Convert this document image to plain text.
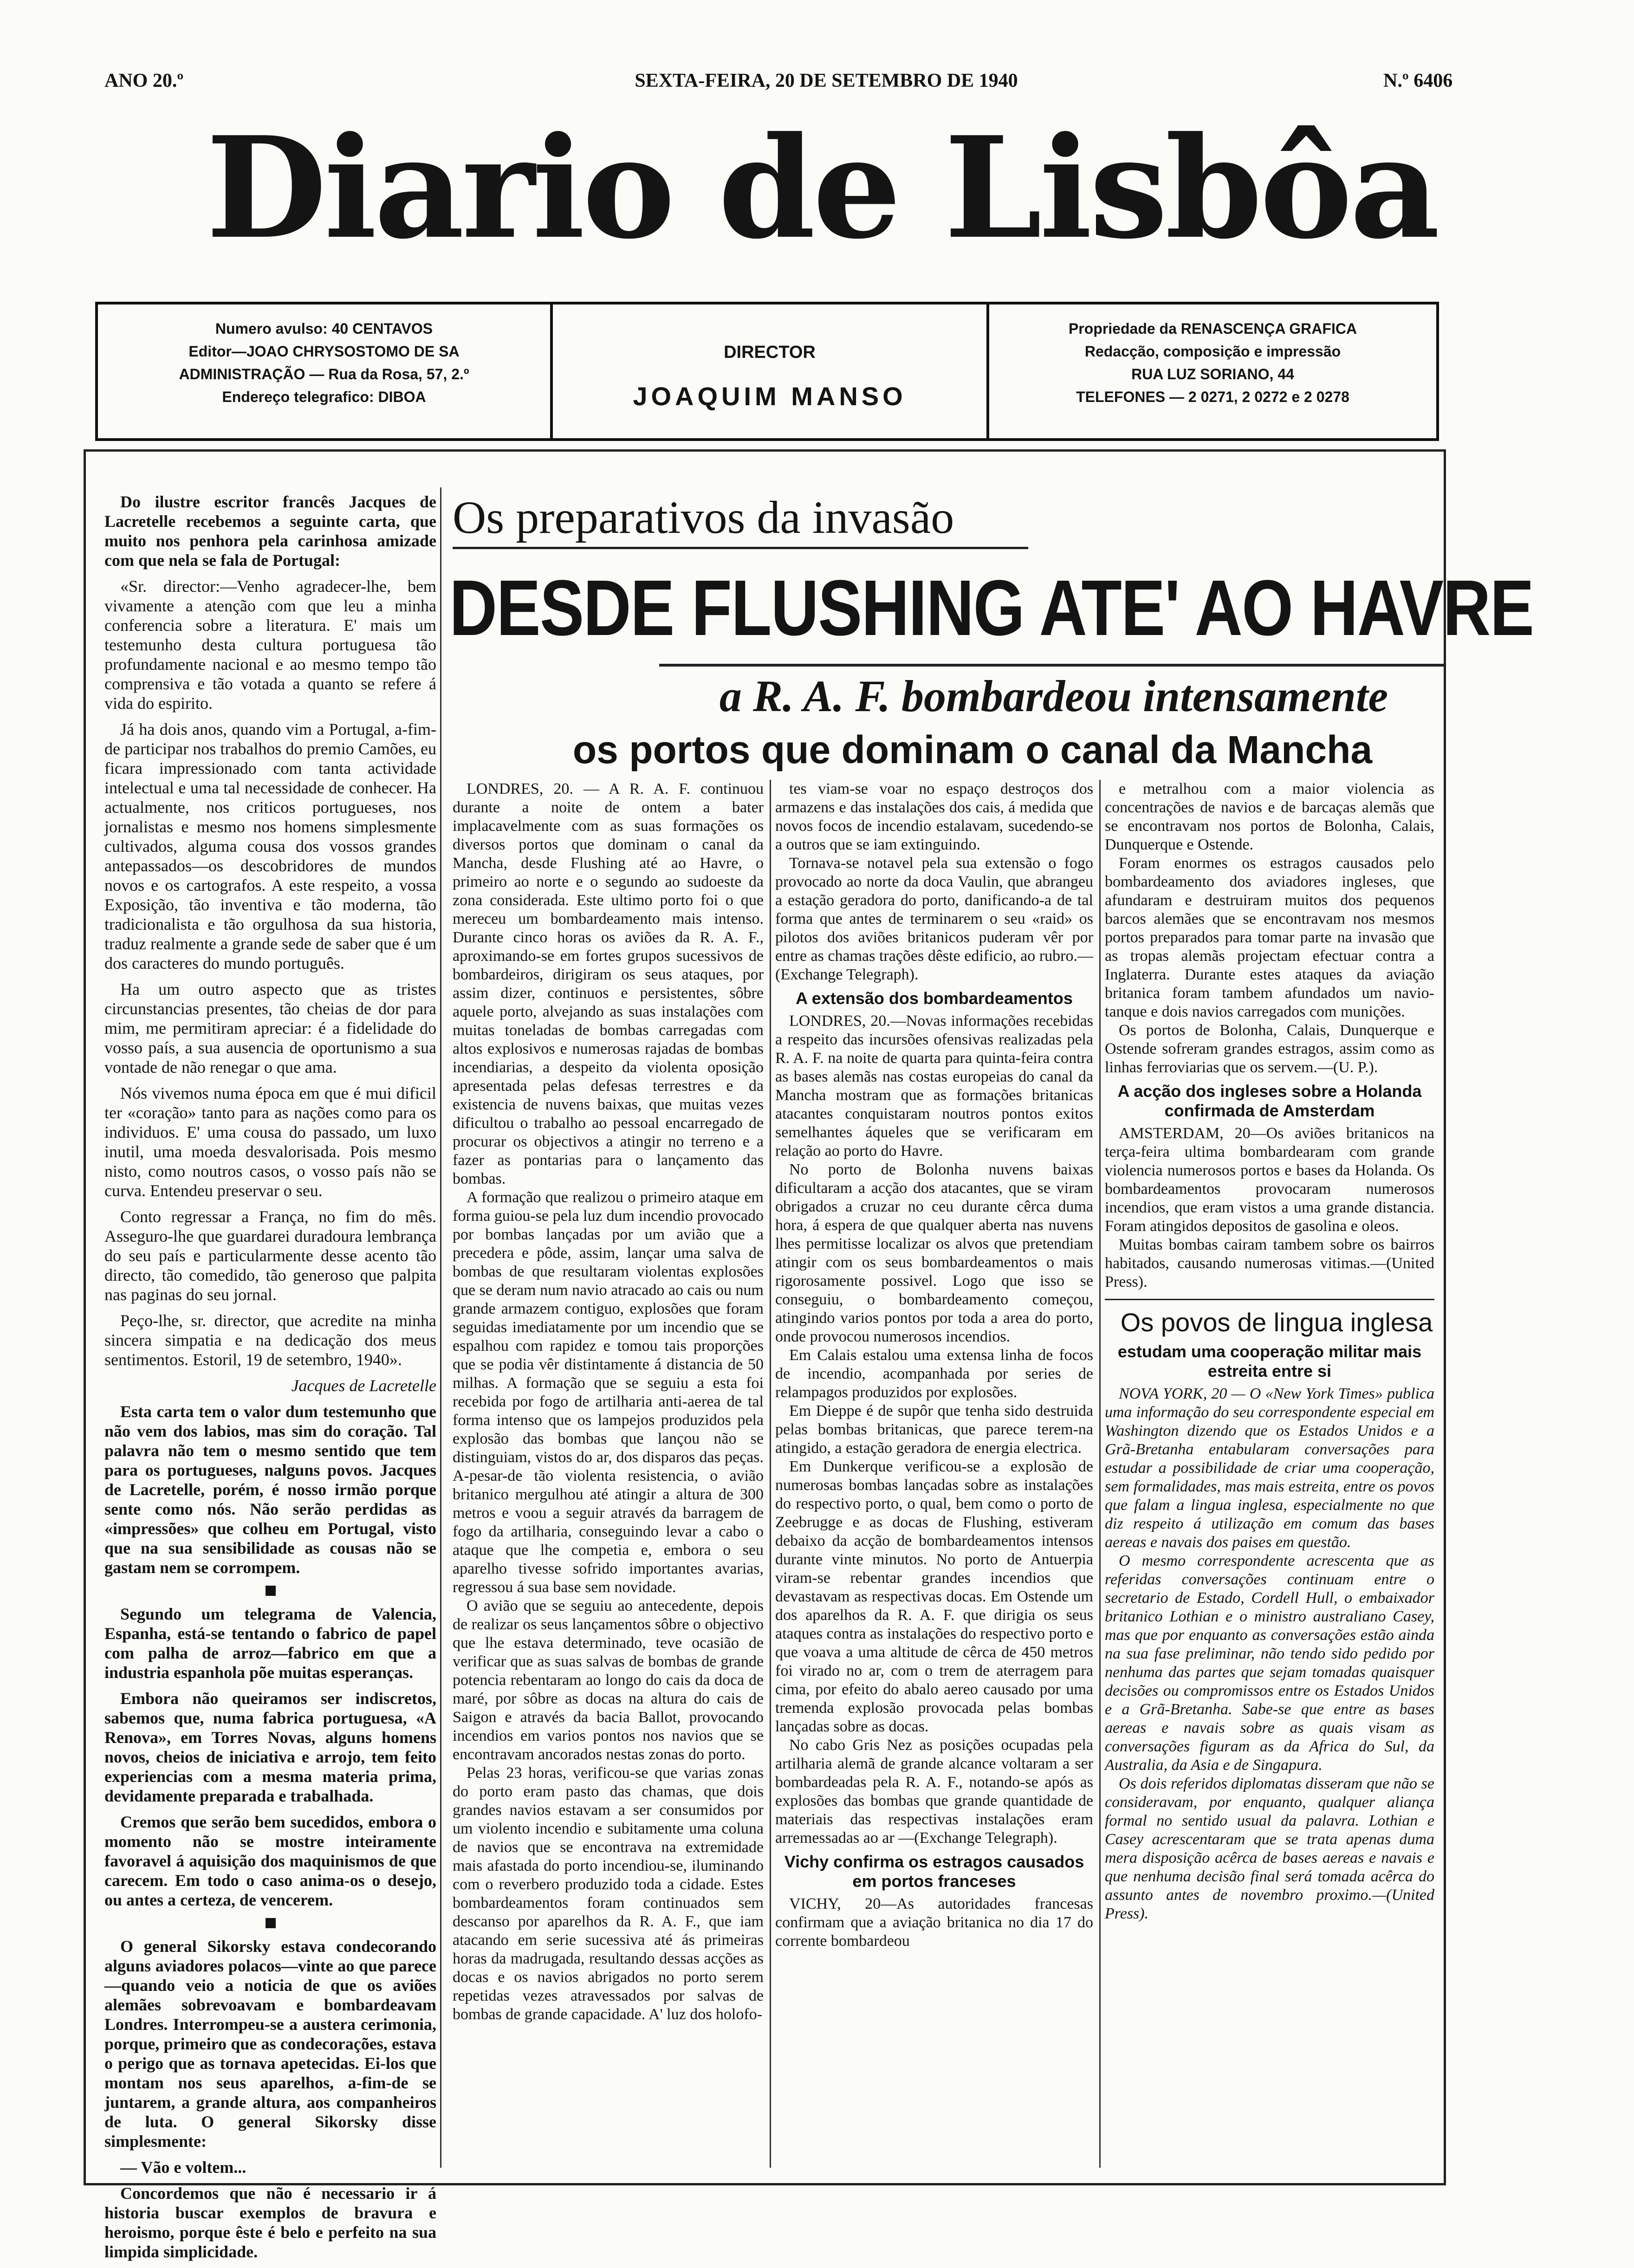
ANO 20.º	SEXTA-FEIRA, 20 DE SETEMBRO DE 1940	N.º 6406
Diario de Lisbôa

Numero avulso: 40 CENTAVOS

Editor—JOAO CHRYSOSTOMO DE SA

ADMINISTRAÇÃO — Rua da Rosa, 57, 2.º

Endereço telegrafico: DIBOA

DIRECTOR

JOAQUIM MANSO

Propriedade da RENASCENÇA GRAFICA

Redacção, composição e impressão

RUA LUZ SORIANO, 44

TELEFONES — 2 0271, 2 0272 e 2 0278

Do ilustre escritor francês Jacques de Lacretelle recebemos a seguinte carta, que muito nos penhora pela carinhosa amizade com que nela se fala de Portugal:

«Sr. director:—Venho agradecer-lhe, bem vivamente a atenção com que leu a minha conferencia sobre a literatura. E' mais um testemunho desta cultura portuguesa tão profundamente nacional e ao mesmo tempo tão comprensiva e tão votada a quanto se refere á vida do espirito.

Já ha dois anos, quando vim a Portugal, a-fim-de participar nos trabalhos do premio Camões, eu ficara impressionado com tanta actividade intelectual e uma tal necessidade de conhecer. Ha actualmente, nos criticos portugueses, nos jornalistas e mesmo nos homens simplesmente cultivados, alguma cousa dos vossos grandes antepassados—os descobridores de mundos novos e os cartografos. A este respeito, a vossa Exposição, tão inventiva e tão moderna, tão tradicionalista e tão orgulhosa da sua historia, traduz realmente a grande sede de saber que é um dos caracteres do mundo português.

Ha um outro aspecto que as tristes circunstancias presentes, tão cheias de dor para mim, me permitiram apreciar: é a fidelidade do vosso país, a sua ausencia de oportunismo a sua vontade de não renegar o que ama.

Nós vivemos numa época em que é mui dificil ter «coração» tanto para as nações como para os individuos. E' uma cousa do passado, um luxo inutil, uma moeda desvalorisada. Pois mesmo nisto, como noutros casos, o vosso país não se curva. Entendeu preservar o seu.

Conto regressar a França, no fim do mês. Asseguro-lhe que guardarei duradoura lembrança do seu país e particularmente desse acento tão directo, tão comedido, tão generoso que palpita nas paginas do seu jornal.

Peço-lhe, sr. director, que acredite na minha sincera simpatia e na dedicação dos meus sentimentos. Estoril, 19 de setembro, 1940».

Jacques de Lacretelle

Esta carta tem o valor dum testemunho que não vem dos labios, mas sim do coração. Tal palavra não tem o mesmo sentido que tem para os portugueses, nalguns povos. Jacques de Lacretelle, porém, é nosso irmão porque sente como nós. Não serão perdidas as «impressões» que colheu em Portugal, visto que na sua sensibilidade as cousas não se gastam nem se corrompem.

Segundo um telegrama de Valencia, Espanha, está-se tentando o fabrico de papel com palha de arroz—fabrico em que a industria espanhola põe muitas esperanças.

Embora não queiramos ser indiscretos, sabemos que, numa fabrica portuguesa, «A Renova», em Torres Novas, alguns homens novos, cheios de iniciativa e arrojo, tem feito experiencias com a mesma materia prima, devidamente preparada e trabalhada.

Cremos que serão bem sucedidos, embora o momento não se mostre inteiramente favoravel á aquisição dos maquinismos de que carecem. Em todo o caso anima-os o desejo, ou antes a certeza, de vencerem.

O general Sikorsky estava condecorando alguns aviadores polacos—vinte ao que parece—quando veio a noticia de que os aviões alemães sobrevoavam e bombardeavam Londres. Interrompeu-se a austera cerimonia, porque, primeiro que as condecorações, estava o perigo que as tornava apetecidas. Ei-los que montam nos seus aparelhos, a-fim-de se juntarem, a grande altura, aos companheiros de luta. O general Sikorsky disse simplesmente:

— Vão e voltem...

Concordemos que não é necessario ir á historia buscar exemplos de bravura e heroismo, porque êste é belo e perfeito na sua limpida simplicidade.

Os preparativos da invasão
DESDE FLUSHING ATE' AO HAVRE
a R. A. F. bombardeou intensamente
os portos que dominam o canal da Mancha

LONDRES, 20. — A R. A. F. continuou durante a noite de ontem a bater implacavelmente com as suas formações os diversos portos que dominam o canal da Mancha, desde Flushing até ao Havre, o primeiro ao norte e o segundo ao sudoeste da zona considerada. Este ultimo porto foi o que mereceu um bombardeamento mais intenso. Durante cinco horas os aviões da R. A. F., aproximando-se em fortes grupos sucessivos de bombardeiros, dirigiram os seus ataques, por assim dizer, continuos e persistentes, sôbre aquele porto, alvejando as suas instalações com muitas toneladas de bombas carregadas com altos explosivos e numerosas rajadas de bombas incendiarias, a despeito da violenta oposição apresentada pelas defesas terrestres e da existencia de nuvens baixas, que muitas vezes dificultou o trabalho ao pessoal encarregado de procurar os objectivos a atingir no terreno e a fazer as pontarias para o lançamento das bombas.

A formação que realizou o primeiro ataque em forma guiou-se pela luz dum incendio provocado por bombas lançadas por um avião que a precedera e pôde, assim, lançar uma salva de bombas de que resultaram violentas explosões que se deram num navio atracado ao cais ou num grande armazem contiguo, explosões que foram seguidas imediatamente por um incendio que se espalhou com rapidez e tomou tais proporções que se podia vêr distintamente á distancia de 50 milhas. A formação que se seguiu a esta foi recebida por fogo de artilharia anti-aerea de tal forma intenso que os lampejos produzidos pela explosão das bombas que lançou não se distinguiam, vistos do ar, dos disparos das peças. A-pesar-de tão violenta resistencia, o avião britanico mergulhou até atingir a altura de 300 metros e voou a seguir através da barragem de fogo da artilharia, conseguindo levar a cabo o ataque que lhe competia e, embora o seu aparelho tivesse sofrido importantes avarias, regressou á sua base sem novidade.

O avião que se seguiu ao antecedente, depois de realizar os seus lançamentos sôbre o objectivo que lhe estava determinado, teve ocasião de verificar que as suas salvas de bombas de grande potencia rebentaram ao longo do cais da doca de maré, por sôbre as docas na altura do cais de Saigon e através da bacia Ballot, provocando incendios em varios pontos nos navios que se encontravam ancorados nestas zonas do porto.

Pelas 23 horas, verificou-se que varias zonas do porto eram pasto das chamas, que dois grandes navios estavam a ser consumidos por um violento incendio e subitamente uma coluna de navios que se encontrava na extremidade mais afastada do porto incendiou-se, iluminando com o reverbero produzido toda a cidade. Estes bombardeamentos foram continuados sem descanso por aparelhos da R. A. F., que iam atacando em serie sucessiva até ás primeiras horas da madrugada, resultando dessas acções as docas e os navios abrigados no porto serem repetidas vezes atravessados por salvas de bombas de grande capacidade. A' luz dos holofo-

tes viam-se voar no espaço destroços dos armazens e das instalações dos cais, á medida que novos focos de incendio estalavam, sucedendo-se a outros que se iam extinguindo.

Tornava-se notavel pela sua extensão o fogo provocado ao norte da doca Vaulin, que abrangeu a estação geradora do porto, danificando-a de tal forma que antes de terminarem o seu «raid» os pilotos dos aviões britanicos puderam vêr por entre as chamas trações dêste edificio, ao rubro.—(Exchange Telegraph).

A extensão dos bombardeamentos

LONDRES, 20.—Novas informações recebidas a respeito das incursões ofensivas realizadas pela R. A. F. na noite de quarta para quinta-feira contra as bases alemãs nas costas europeias do canal da Mancha mostram que as formações britanicas atacantes conquistaram noutros pontos exitos semelhantes áqueles que se verificaram em relação ao porto do Havre.

No porto de Bolonha nuvens baixas dificultaram a acção dos atacantes, que se viram obrigados a cruzar no ceu durante cêrca duma hora, á espera de que qualquer aberta nas nuvens lhes permitisse localizar os alvos que pretendiam atingir com os seus bombardeamentos o mais rigorosamente possivel. Logo que isso se conseguiu, o bombardeamento começou, atingindo varios pontos por toda a area do porto, onde provocou numerosos incendios.

Em Calais estalou uma extensa linha de focos de incendio, acompanhada por series de relampagos produzidos por explosões.

Em Dieppe é de supôr que tenha sido destruida pelas bombas britanicas, que parece terem-na atingido, a estação geradora de energia electrica.

Em Dunkerque verificou-se a explosão de numerosas bombas lançadas sobre as instalações do respectivo porto, o qual, bem como o porto de Zeebrugge e as docas de Flushing, estiveram debaixo da acção de bombardeamentos intensos durante vinte minutos. No porto de Antuerpia viram-se rebentar grandes incendios que devastavam as respectivas docas. Em Ostende um dos aparelhos da R. A. F. que dirigia os seus ataques contra as instalações do respectivo porto e que voava a uma altitude de cêrca de 450 metros foi virado no ar, com o trem de aterragem para cima, por efeito do abalo aereo causado por uma tremenda explosão provocada pelas bombas lançadas sobre as docas.

No cabo Gris Nez as posições ocupadas pela artilharia alemã de grande alcance voltaram a ser bombardeadas pela R. A. F., notando-se após as explosões das bombas que grande quantidade de materiais das respectivas instalações eram arremessadas ao ar —(Exchange Telegraph).

Vichy confirma os estragos causados em portos franceses

VICHY, 20—As autoridades francesas confirmam que a aviação britanica no dia 17 do corrente bombardeou

e metralhou com a maior violencia as concentrações de navios e de barcaças alemãs que se encontravam nos portos de Bolonha, Calais, Dunquerque e Ostende.

Foram enormes os estragos causados pelo bombardeamento dos aviadores ingleses, que afundaram e destruiram muitos dos pequenos barcos alemães que se encontravam nos mesmos portos preparados para tomar parte na invasão que as tropas alemãs projectam efectuar contra a Inglaterra. Durante estes ataques da aviação britanica foram tambem afundados um navio-tanque e dois navios carregados com munições.

Os portos de Bolonha, Calais, Dunquerque e Ostende sofreram grandes estragos, assim como as linhas ferroviarias que os servem.—(U. P.).

A acção dos ingleses sobre a Holanda confirmada de Amsterdam

AMSTERDAM, 20—Os aviões britanicos na terça-feira ultima bombardearam com grande violencia numerosos portos e bases da Holanda. Os bombardeamentos provocaram numerosos incendios, que eram vistos a uma grande distancia. Foram atingidos depositos de gasolina e oleos.

Muitas bombas cairam tambem sobre os bairros habitados, causando numerosas vitimas.—(United Press).

Os povos de lingua inglesa

estudam uma cooperação militar mais estreita entre si

NOVA YORK, 20 — O «New York Times» publica uma informação do seu correspondente especial em Washington dizendo que os Estados Unidos e a Grã-Bretanha entabularam conversações para estudar a possibilidade de criar uma cooperação, sem formalidades, mas mais estreita, entre os povos que falam a lingua inglesa, especialmente no que diz respeito á utilização em comum das bases aereas e navais dos paises em questão.

O mesmo correspondente acrescenta que as referidas conversações continuam entre o secretario de Estado, Cordell Hull, o embaixador britanico Lothian e o ministro australiano Casey, mas que por enquanto as conversações estão ainda na sua fase preliminar, não tendo sido pedido por nenhuma das partes que sejam tomadas quaisquer decisões ou compromissos entre os Estados Unidos e a Grã-Bretanha. Sabe-se que entre as bases aereas e navais sobre as quais visam as conversações figuram as da Africa do Sul, da Australia, da Asia e de Singapura.

Os dois referidos diplomatas disseram que não se consideravam, por enquanto, qualquer aliança formal no sentido usual da palavra. Lothian e Casey acrescentaram que se trata apenas duma mera disposição acêrca de bases aereas e navais e que nenhuma decisão final será tomada acêrca do assunto antes de novembro proximo.—(United Press).
